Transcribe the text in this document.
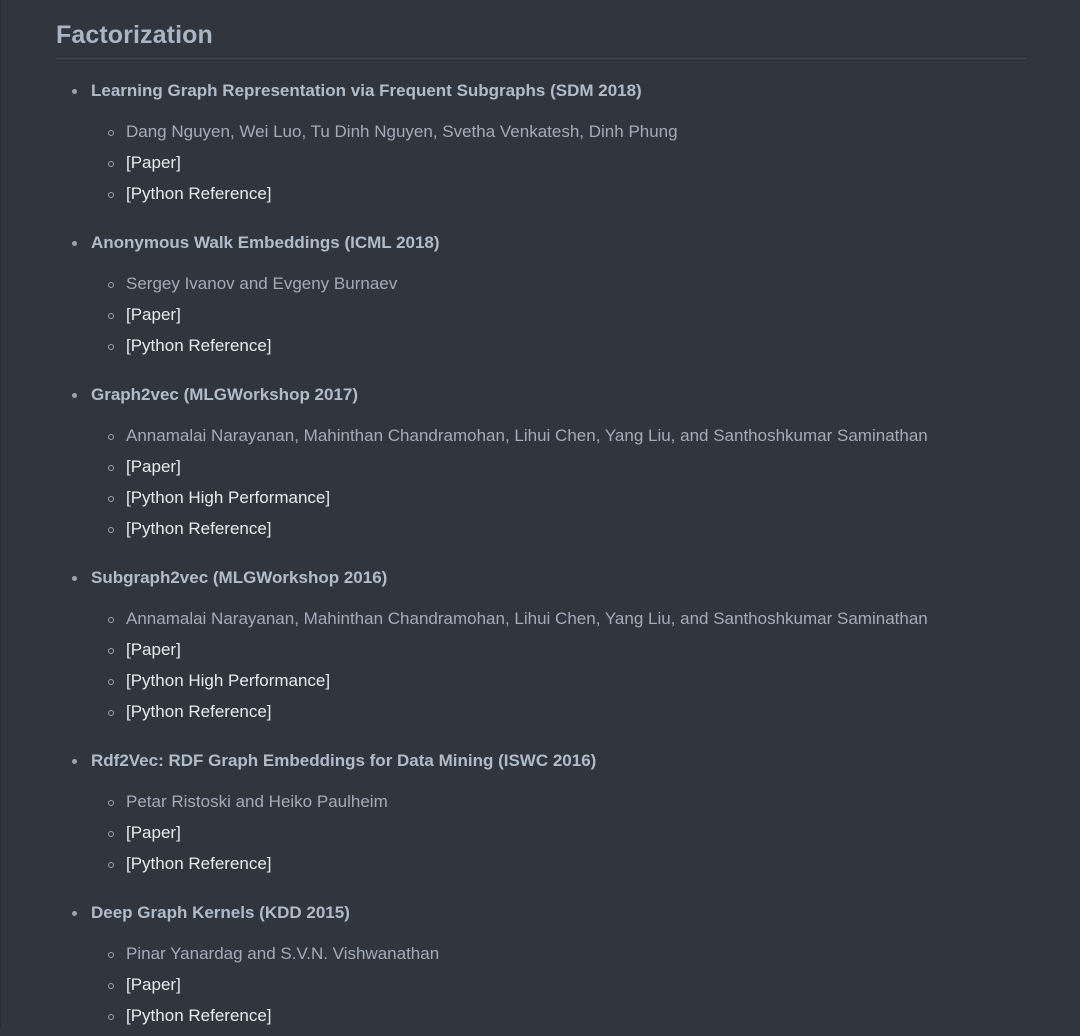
Factorization
Learning Graph Representation via Frequent Subgraphs (SDM 2018)
Dang Nguyen, Wei Luo, Tu Dinh Nguyen, Svetha Venkatesh, Dinh Phung
[Paper]
[Python Reference]
Anonymous Walk Embeddings (ICML 2018)
Sergey Ivanov and Evgeny Burnaev
[Paper]
[Python Reference]
Graph2vec (MLGWorkshop 2017)
Annamalai Narayanan, Mahinthan Chandramohan, Lihui Chen, Yang Liu, and Santhoshkumar Saminathan
[Paper]
[Python High Performance]
[Python Reference]
Subgraph2vec (MLGWorkshop 2016)
Annamalai Narayanan, Mahinthan Chandramohan, Lihui Chen, Yang Liu, and Santhoshkumar Saminathan
[Paper]
[Python High Performance]
[Python Reference]
Rdf2Vec: RDF Graph Embeddings for Data Mining (ISWC 2016)
Petar Ristoski and Heiko Paulheim
[Paper]
[Python Reference]
Deep Graph Kernels (KDD 2015)
Pinar Yanardag and S.V.N. Vishwanathan
[Paper]
[Python Reference]
